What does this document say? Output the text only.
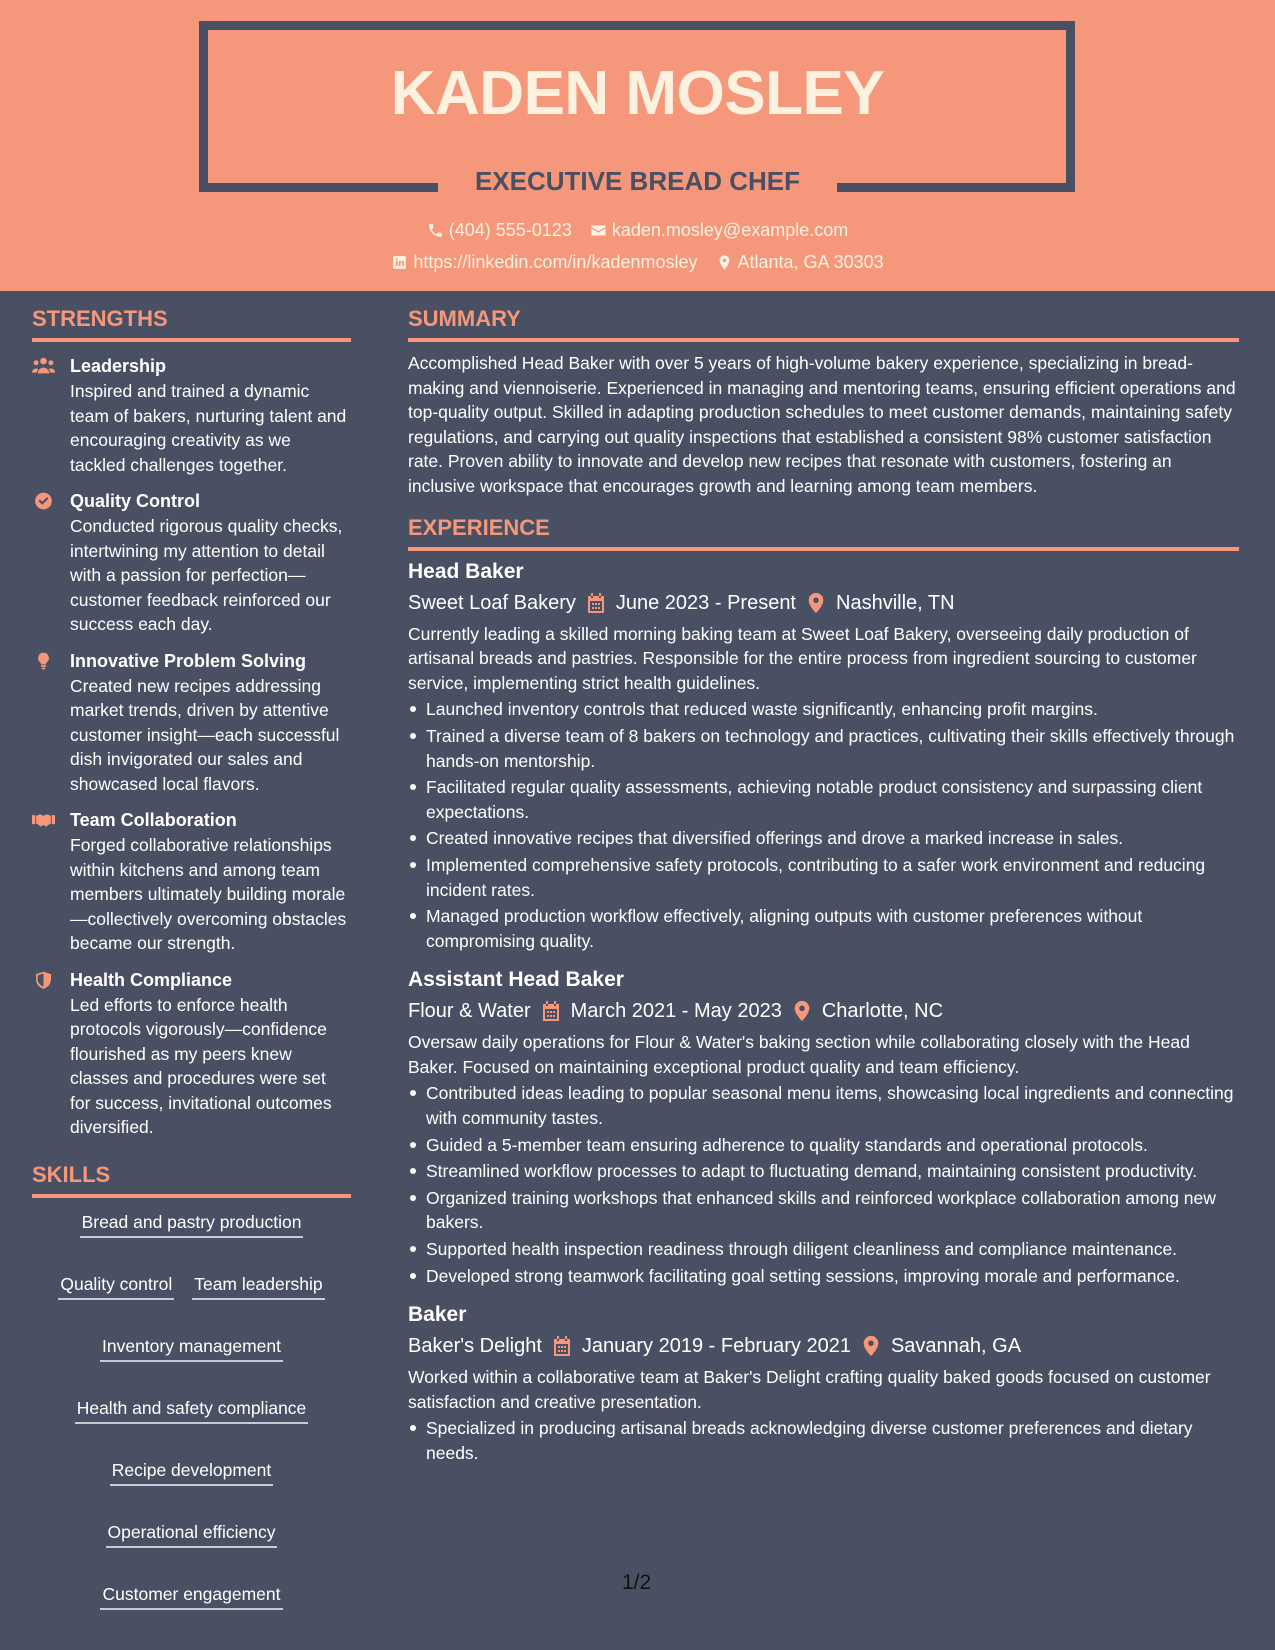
KADEN MOSLEY
EXECUTIVE BREAD CHEF
(404) 555-0123 kaden.mosley@example.com
https://linkedin.com/in/kadenmosley Atlanta, GA 30303
STRENGTHS
Leadership
Inspired and trained a dynamic team of bakers, nurturing talent and encouraging creativity as we tackled challenges together.
Quality Control
Conducted rigorous quality checks, intertwining my attention to detail with a passion for perfection—customer feedback reinforced our success each day.
Innovative Problem Solving
Created new recipes addressing market trends, driven by attentive customer insight—each successful dish invigorated our sales and showcased local flavors.
Team Collaboration
Forged collaborative relationships within kitchens and among team members ultimately building morale—collectively overcoming obstacles became our strength.
Health Compliance
Led efforts to enforce health protocols vigorously—confidence flourished as my peers knew classes and procedures were set for success, invitational outcomes diversified.
SKILLS
Bread and pastry production
Quality control Team leadership
Inventory management
Health and safety compliance
Recipe development
Operational efficiency
Customer engagement
SUMMARY
Accomplished Head Baker with over 5 years of high-volume bakery experience, specializing in bread-making and viennoiserie. Experienced in managing and mentoring teams, ensuring efficient operations and top-quality output. Skilled in adapting production schedules to meet customer demands, maintaining safety regulations, and carrying out quality inspections that established a consistent 98% customer satisfaction rate. Proven ability to innovate and develop new recipes that resonate with customers, fostering an inclusive workspace that encourages growth and learning among team members.
EXPERIENCE
Head Baker
Sweet Loaf Bakery June 2023 - Present Nashville, TN
Currently leading a skilled morning baking team at Sweet Loaf Bakery, overseeing daily production of artisanal breads and pastries. Responsible for the entire process from ingredient sourcing to customer service, implementing strict health guidelines.
Launched inventory controls that reduced waste significantly, enhancing profit margins.
Trained a diverse team of 8 bakers on technology and practices, cultivating their skills effectively through hands-on mentorship.
Facilitated regular quality assessments, achieving notable product consistency and surpassing client expectations.
Created innovative recipes that diversified offerings and drove a marked increase in sales.
Implemented comprehensive safety protocols, contributing to a safer work environment and reducing incident rates.
Managed production workflow effectively, aligning outputs with customer preferences without compromising quality.
Assistant Head Baker
Flour & Water March 2021 - May 2023 Charlotte, NC
Oversaw daily operations for Flour & Water's baking section while collaborating closely with the Head Baker. Focused on maintaining exceptional product quality and team efficiency.
Contributed ideas leading to popular seasonal menu items, showcasing local ingredients and connecting with community tastes.
Guided a 5-member team ensuring adherence to quality standards and operational protocols.
Streamlined workflow processes to adapt to fluctuating demand, maintaining consistent productivity.
Organized training workshops that enhanced skills and reinforced workplace collaboration among new bakers.
Supported health inspection readiness through diligent cleanliness and compliance maintenance.
Developed strong teamwork facilitating goal setting sessions, improving morale and performance.
Baker
Baker's Delight January 2019 - February 2021 Savannah, GA
Worked within a collaborative team at Baker's Delight crafting quality baked goods focused on customer satisfaction and creative presentation.
Specialized in producing artisanal breads acknowledging diverse customer preferences and dietary needs.
1/2
